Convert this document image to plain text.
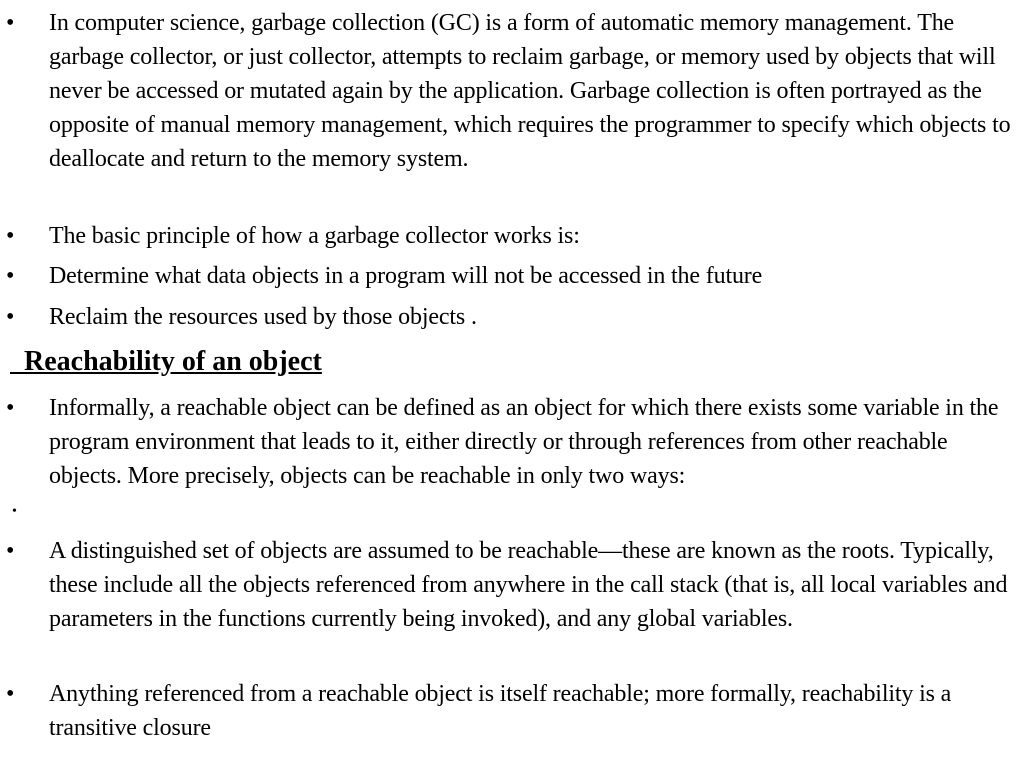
• In computer science, garbage collection (GC) is a form of automatic memory management. The garbage collector, or just collector, attempts to reclaim garbage, or memory used by objects that will never be accessed or mutated again by the application. Garbage collection is often portrayed as the opposite of manual memory management, which requires the programmer to specify which objects to deallocate and return to the memory system.
• The basic principle of how a garbage collector works is:
• Determine what data objects in a program will not be accessed in the future
• Reclaim the resources used by those objects .
Reachability of an object
• Informally, a reachable object can be defined as an object for which there exists some variable in the program environment that leads to it, either directly or through references from other reachable objects. More precisely, objects can be reachable in only two ways:
•
• A distinguished set of objects are assumed to be reachable—these are known as the roots. Typically, these include all the objects referenced from anywhere in the call stack (that is, all local variables and parameters in the functions currently being invoked), and any global variables.
• Anything referenced from a reachable object is itself reachable; more formally, reachability is a transitive closure
